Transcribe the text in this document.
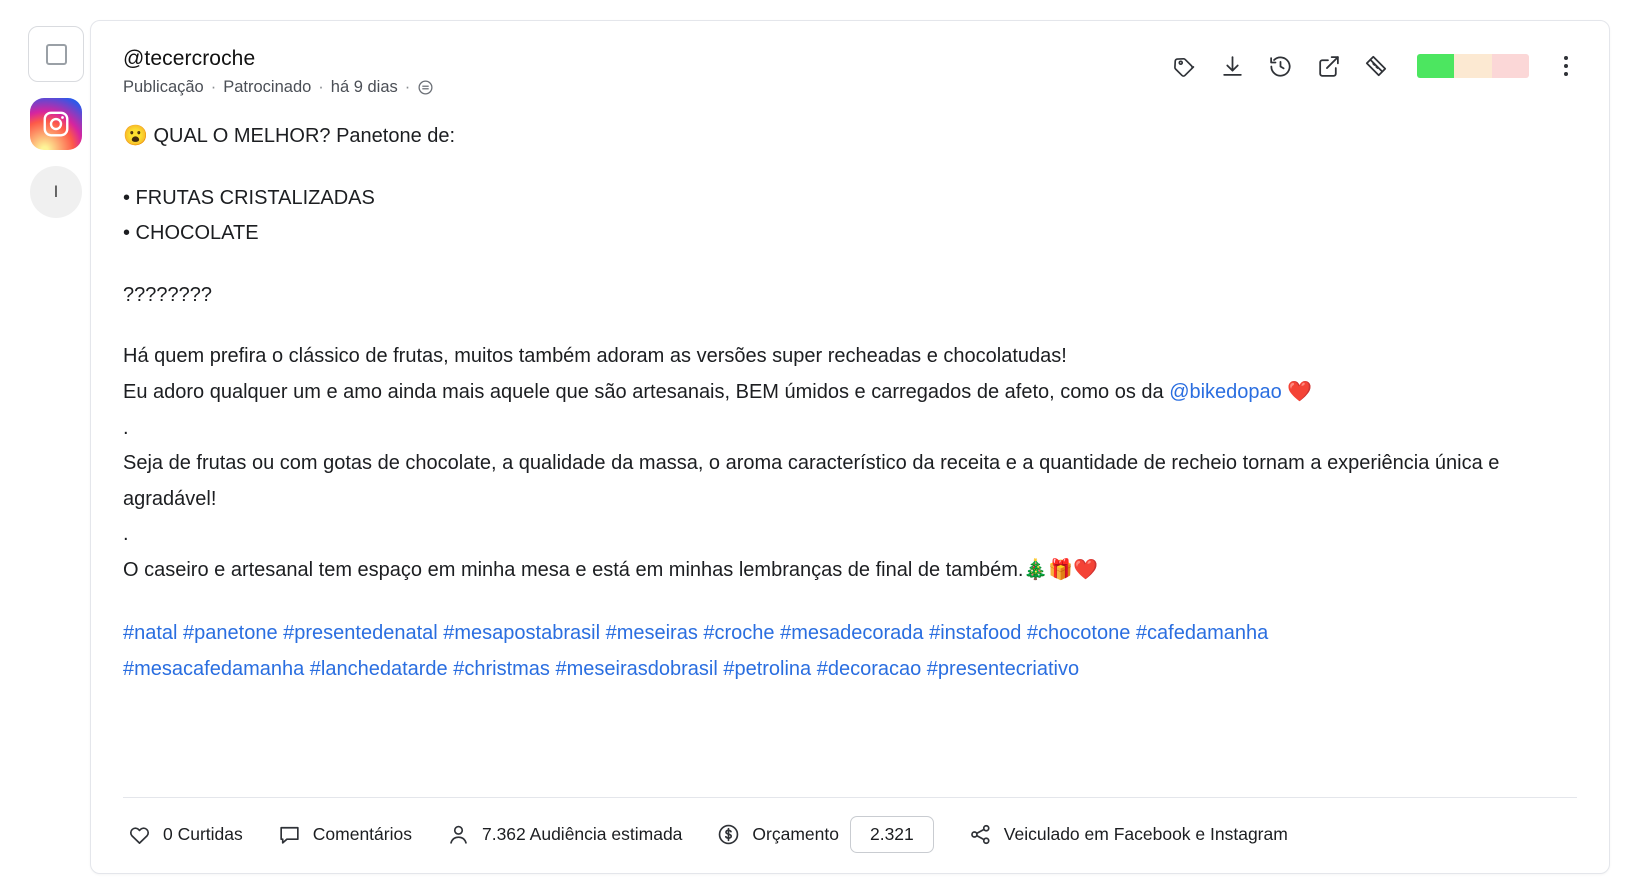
I
@tecercroche
Publicação · Patrocinado · há 9 dias ·

😮 QUAL O MELHOR? Panetone de:

• FRUTAS CRISTALIZADAS

• CHOCOLATE

????????

Há quem prefira o clássico de frutas, muitos também adoram as versões super recheadas e chocolatudas!

Eu adoro qualquer um e amo ainda mais aquele que são artesanais, BEM úmidos e carregados de afeto, como os da @bikedopao ❤️

.

Seja de frutas ou com gotas de chocolate, a qualidade da massa, o aroma característico da receita e a quantidade de recheio tornam a experiência única e agradável!

.

O caseiro e artesanal tem espaço em minha mesa e está em minhas lembranças de final de também.🎄🎁❤️

#natal #panetone #presentedenatal #mesapostabrasil #meseiras #croche #mesadecorada #instafood #chocotone #cafedamanha
#mesacafedamanha #lanchedatarde #christmas #meseirasdobrasil #petrolina #decoracao #presentecriativo
0 Curtidas	Comentários	7.362 Audiência estimada	Orçamento	2.321	Veiculado em Facebook e Instagram
